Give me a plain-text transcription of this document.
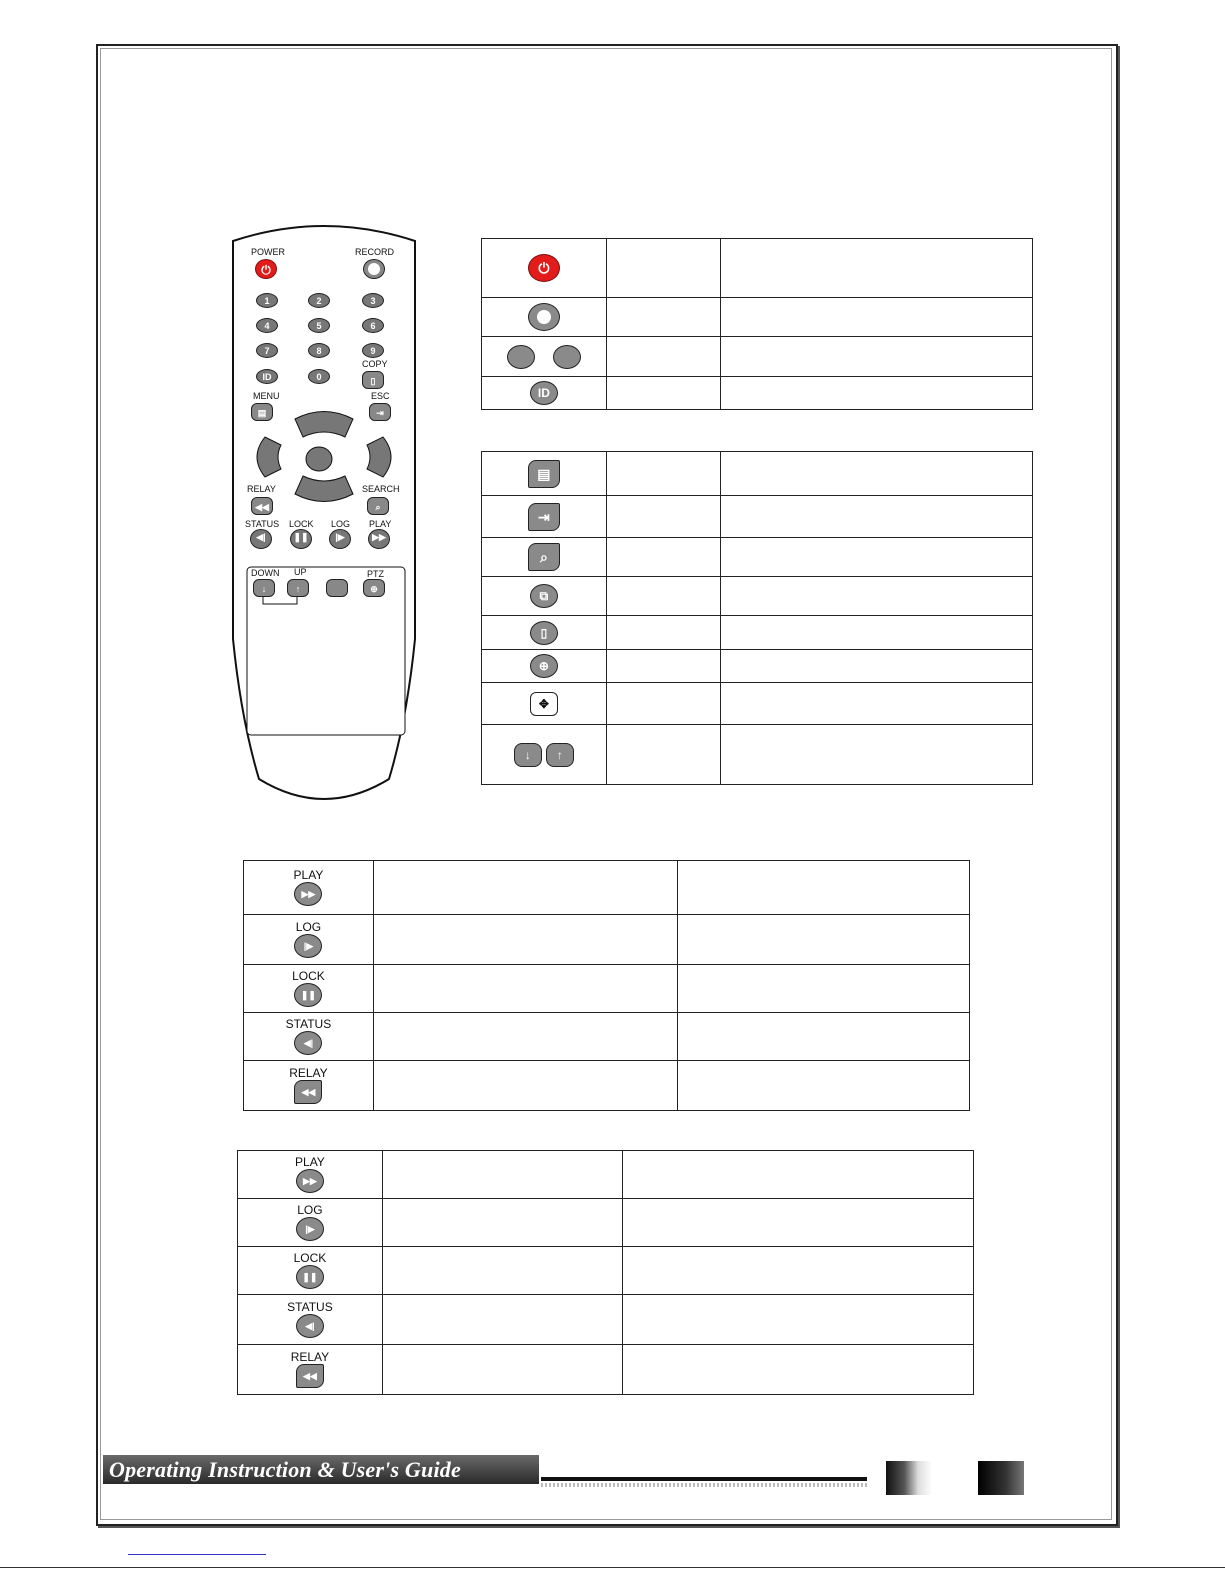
POWER	RECORD
⏻
1	2	3
4	5	6
7	8	9
ID	0
COPY
▯
MENU	ESC
▤	⇥
RELAY	SEARCH
◀◀	⌕
STATUS LOCK LOG PLAY
◀|	❚❚	|▶	▶▶
DOWN UP	PTZ
↓	↑	⊕
⏻		

ID		
▤		
⇥		
⌕		
⧉		
▯		
⊕		
✥		
↓ ↑		
PLAY
▶▶		

LOG
|▶		

LOCK
❚❚		

STATUS
◀|		

RELAY
◀◀		
PLAY
▶▶		

LOG
|▶		

LOCK
❚❚		

STATUS
◀|		

RELAY
◀◀		
Operating Instruction & User's Guide
